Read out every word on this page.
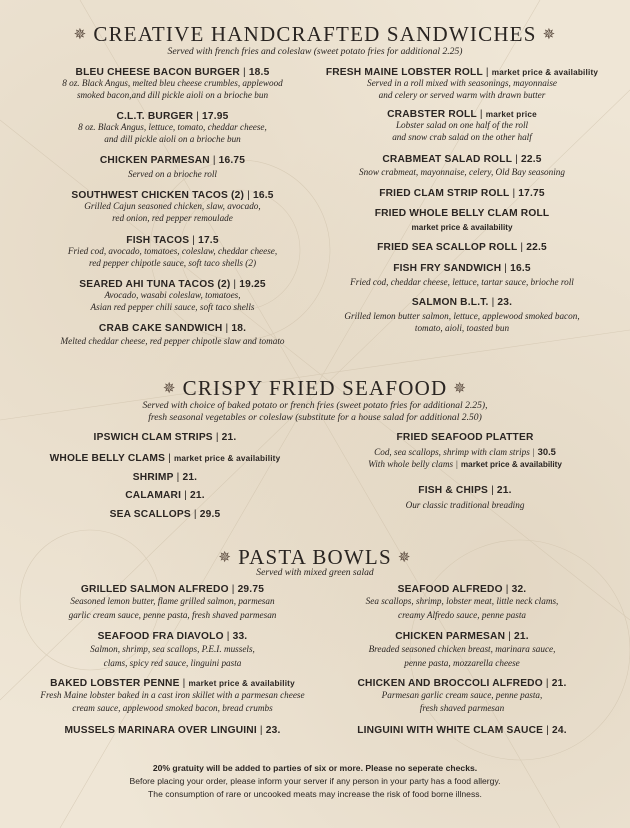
✵ CREATIVE HANDCRAFTED SANDWICHES ✵
Served with french fries and coleslaw (sweet potato fries for additional 2.25)
BLEU CHEESE BACON BURGER | 18.5
8 oz. Black Angus, melted bleu cheese crumbles, applewood
smoked bacon,and dill pickle aioli on a brioche bun
C.L.T. BURGER | 17.95
8 oz. Black Angus, lettuce, tomato, cheddar cheese,
and dill pickle aioli on a brioche bun
CHICKEN PARMESAN | 16.75
Served on a brioche roll
SOUTHWEST CHICKEN TACOS (2) | 16.5
Grilled Cajun seasoned chicken, slaw, avocado,
red onion, red pepper remoulade
FISH TACOS | 17.5
Fried cod, avocado, tomatoes, coleslaw, cheddar cheese,
red pepper chipotle sauce, soft taco shells (2)
SEARED AHI TUNA TACOS (2) | 19.25
Avocado, wasabi coleslaw, tomatoes,
Asian red pepper chili sauce, soft taco shells
CRAB CAKE SANDWICH | 18.
Melted cheddar cheese, red pepper chipotle slaw and tomato
FRESH MAINE LOBSTER ROLL | market price & availability
Served in a roll mixed with seasonings, mayonnaise
and celery or served warm with drawn butter
CRABSTER ROLL | market price
Lobster salad on one half of the roll
and snow crab salad on the other half
CRABMEAT SALAD ROLL | 22.5
Snow crabmeat, mayonnaise, celery, Old Bay seasoning
FRIED CLAM STRIP ROLL | 17.75
FRIED WHOLE BELLY CLAM ROLL
market price & availability
FRIED SEA SCALLOP ROLL | 22.5
FISH FRY SANDWICH | 16.5
Fried cod, cheddar cheese, lettuce, tartar sauce, brioche roll
SALMON B.L.T. | 23.
Grilled lemon butter salmon, lettuce, applewood smoked bacon,
tomato, aioli, toasted bun
✵ CRISPY FRIED SEAFOOD ✵
Served with choice of baked potato or french fries (sweet potato fries for additional 2.25),
fresh seasonal vegetables or coleslaw (substitute for a house salad for additional 2.50)
IPSWICH CLAM STRIPS | 21.
WHOLE BELLY CLAMS | market price & availability
SHRIMP | 21.
CALAMARI | 21.
SEA SCALLOPS | 29.5
FRIED SEAFOOD PLATTER
Cod, sea scallops, shrimp with clam strips | 30.5
With whole belly clams | market price & availability
FISH & CHIPS | 21.
Our classic traditional breading
✵ PASTA BOWLS ✵
Served with mixed green salad
GRILLED SALMON ALFREDO | 29.75
Seasoned lemon butter, flame grilled salmon, parmesan
garlic cream sauce, penne pasta, fresh shaved parmesan
SEAFOOD FRA DIAVOLO | 33.
Salmon, shrimp, sea scallops, P.E.I. mussels,
clams, spicy red sauce, linguini pasta
BAKED LOBSTER PENNE | market price & availability
Fresh Maine lobster baked in a cast iron skillet with a parmesan cheese
cream sauce, applewood smoked bacon, bread crumbs
MUSSELS MARINARA OVER LINGUINI | 23.
SEAFOOD ALFREDO | 32.
Sea scallops, shrimp, lobster meat, little neck clams,
creamy Alfredo sauce, penne pasta
CHICKEN PARMESAN | 21.
Breaded seasoned chicken breast, marinara sauce,
penne pasta, mozzarella cheese
CHICKEN AND BROCCOLI ALFREDO | 21.
Parmesan garlic cream sauce, penne pasta,
fresh shaved parmesan
LINGUINI WITH WHITE CLAM SAUCE | 24.
20% gratuity will be added to parties of six or more. Please no seperate checks.
Before placing your order, please inform your server if any person in your party has a food allergy.
The consumption of rare or uncooked meats may increase the risk of food borne illness.
